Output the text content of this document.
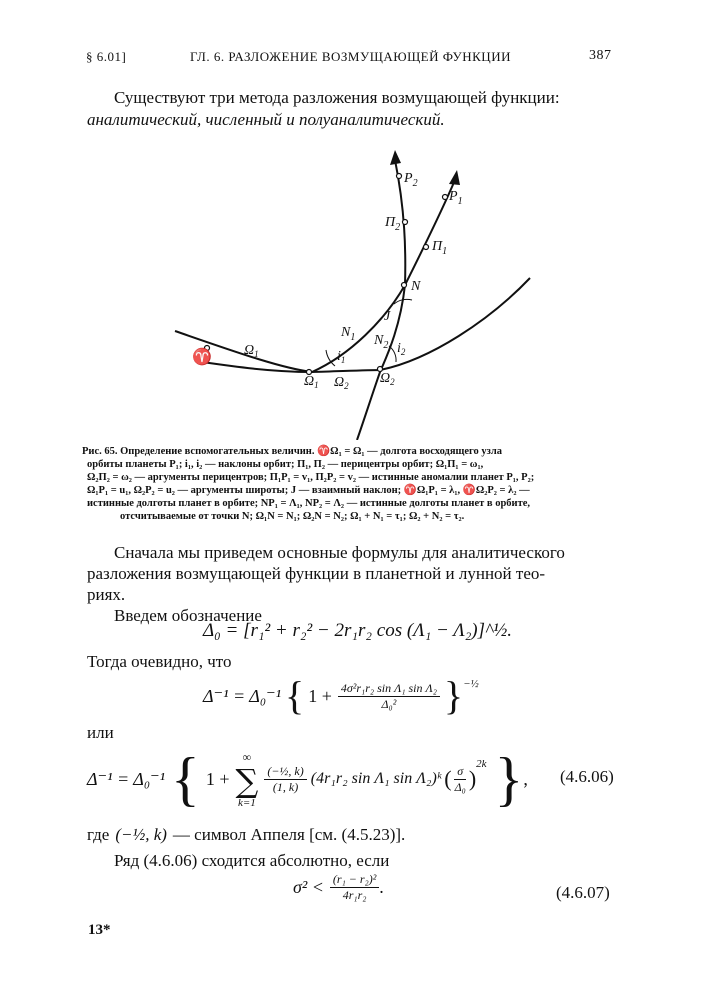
§ 6.01]	ГЛ. 6. РАЗЛОЖЕНИЕ ВОЗМУЩАЮЩЕЙ ФУНКЦИИ	387
Существуют три метода разложения возмущающей функции:
аналитический, численный и полуаналитический.
$P_2$
$P_1$
$\Pi_2$
$\Pi_1$
N
J
$N_1$ $N_2$
$i_1$
$i_2$
♈ $\Omega_1$
$\Omega_2$
$\Omega_1$	$\Omega_2$
Рис. 65. Определение вспомогательных величин. ♈Ω₁ = Ω₁ — долгота восходящего узла
орбиты планеты P₁; i₁, i₂ — наклоны орбит; Π₁, Π₂ — перицентры орбит; Ω₁Π₁ = ω₁,
Ω₂Π₂ = ω₂ — аргументы перицентров; Π₁P₁ = v₁, Π₂P₂ = v₂ — истинные аномалии планет P₁, P₂;
Ω₁P₁ = u₁, Ω₂P₂ = u₂ — аргументы широты; J — взаимный наклон; ♈Ω₁P₁ = λ₁, ♈Ω₂P₂ = λ₂ —
истинные долготы планет в орбите; NP₁ = Λ₁, NP₂ = Λ₂ — истинные долготы планет в орбите,
отсчитываемые от точки N; Ω₁N = N₁; Ω₂N = N₂; Ω₁ + N₁ = τ₁; Ω₂ + N₂ = τ₂.
Сначала мы приведем основные формулы для аналитического
разложения возмущающей функции в планетной и лунной тео-
риях.
Введем обозначение
Δ₀ = [r₁² + r₂² − 2r₁r₂ cos (Λ₁ − Λ₂)]^½.
Тогда очевидно, что
Δ⁻¹ = Δ₀⁻¹ { $1 + \frac{\text{4σ²r₁r₂ sin Λ₁ sin Λ₂}}{\text{Δ₀²}}$ } −½
или
Δ⁻¹ = Δ₀⁻¹ { 1 +
∞
∑
k=1
$\frac{\text{(−½, k)}}{(1, k)} (4r_1r_2$ sin Λ₁ sin Λ₂)ᵏ ( $\frac{\sigma}{\text{Δ₀}}$ )
2k } , (4.6.06)
где (−½, k) — символ Аппеля [см. (4.5.23)].
Ряд (4.6.06) сходится абсолютно, если
$\sigma^2 < \frac{\text{(r₁ − r₂)²}}{\text{4r₁r₂}}$ .	(4.6.07)
13*
